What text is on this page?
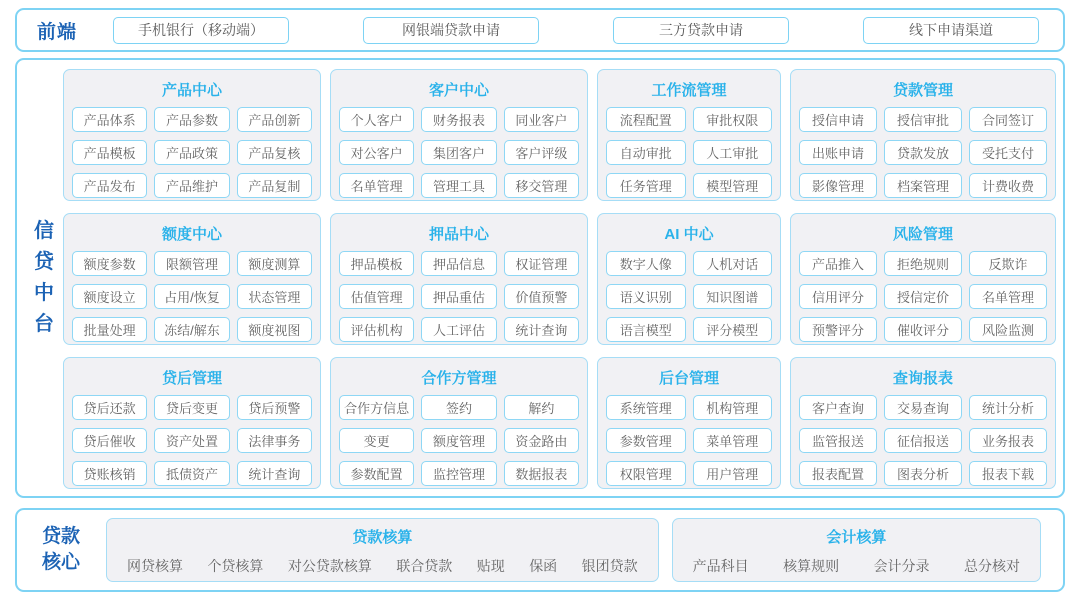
前端	手机银行（移动端）	网银端贷款申请	三方贷款申请	线下申请渠道
信
贷
中
台
产品中心
产品体系	产品参数	产品创新
产品模板	产品政策	产品复核
产品发布	产品维护	产品复制
客户中心
个人客户	财务报表	同业客户
对公客户	集团客户	客户评级
名单管理	管理工具	移交管理
工作流管理
流程配置	审批权限
自动审批	人工审批
任务管理	模型管理
贷款管理
授信申请	授信审批	合同签订
出账申请	贷款发放	受托支付
影像管理	档案管理	计费收费
额度中心
额度参数	限额管理	额度测算
额度设立	占用/恢复	状态管理
批量处理	冻结/解东	额度视图
押品中心
押品模板	押品信息	权证管理
估值管理	押品重估	价值预警
评估机构	人工评估	统计查询
AI 中心
数字人像	人机对话
语义识别	知识图谱
语言模型	评分模型
风险管理
产品推入	拒绝规则	反欺诈
信用评分	授信定价	名单管理
预警评分	催收评分	风险监测
贷后管理
贷后还款	贷后变更	贷后预警
贷后催收	资产处置	法律事务
贷账核销	抵债资产	统计查询
合作方管理
合作方信息	签约	解约
变更	额度管理	资金路由
参数配置	监控管理	数据报表
后台管理
系统管理	机构管理
参数管理	菜单管理
权限管理	用户管理
查询报表
客户查询	交易查询	统计分析
监管报送	征信报送	业务报表
报表配置	图表分析	报表下载
贷款
核心
贷款核算
网贷核算 个贷核算 对公贷款核算 联合贷款 贴现 保函 银团贷款
会计核算
产品科目 核算规则 会计分录 总分核对
